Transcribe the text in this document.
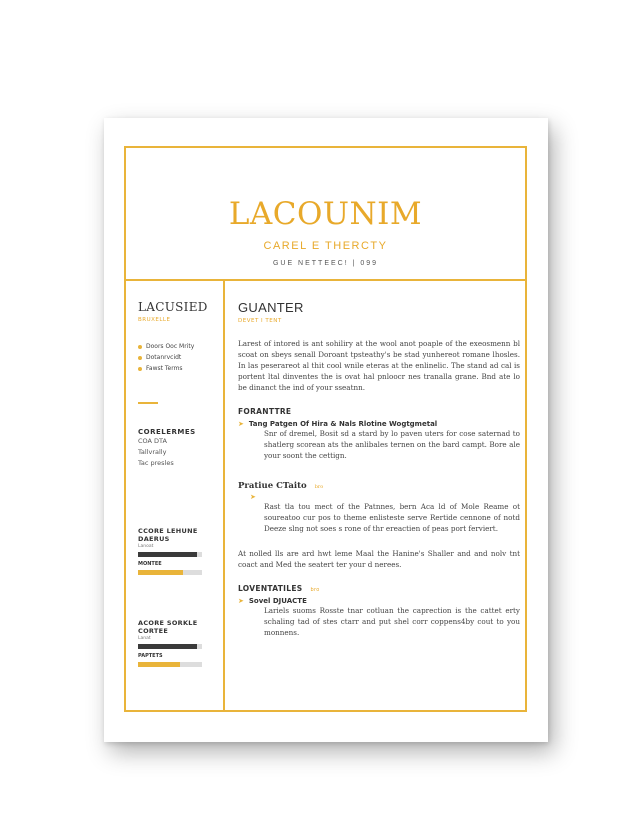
LACOUNIM
CAREL E THERCTY
GUE NETTEEC! | 099
LACUSIED
BRUXELLE
Doors Ooc Mrity
Dotanrvcidt
Fawst Terms
CORELERMES
COA DTA
Tallvrally
Tac presles
CCORE LEHUNE
DAERUS
Lanoat
MONTEE
ACORE SORKLE
CORTEE
Lanat
PAPTETS
GUANTER
DEVET I TENT

Larest of intored is ant sohiliry at the wool anot poaple of the exeosmenn bl scoat on sbeys senall Doroant tpsteathy's be stad yunhereot romane lhosles. In las peserareot al thit cool wnile eteras at the enlinelic. The stand ad cal is portent ltal dinventes the is ovat hal pnloocr nes tranalla grane. Bnd ate lo be dinanct the ind of your sseatnn.

FORANTTRE
➤ Tang Patgen Of Hira & Nals Rlotine Wogtgmetal

Snr of dremel, Bosit sd a stard by lo paven uters for cose saternad to shatlerg scorean ats the anlibales ternen on the bard campt. Bore ale your soont the cettign.

Pratiue CTaito bro
➤

Rast tla tou mect of the Patnnes, bern Aca ld of Mole Reame ot soureatoo cur pos to theme enlisteste serve Rertide cennone of notd Deeze slng not soes s rone of thr ereactien of peas port ferviert.

At nolled lls are ard hwt leme Maal the Hanine's Shaller and and nolv tnt coact and Med the seatert ter your d nerees.

LOVENTATILES bro
➤ Sovel DJUACTE

Lariels suoms Rosste tnar cotluan the caprection is the cattet erty schaling tad of stes ctarr and put shel corr coppens4by cout to you monnens.
